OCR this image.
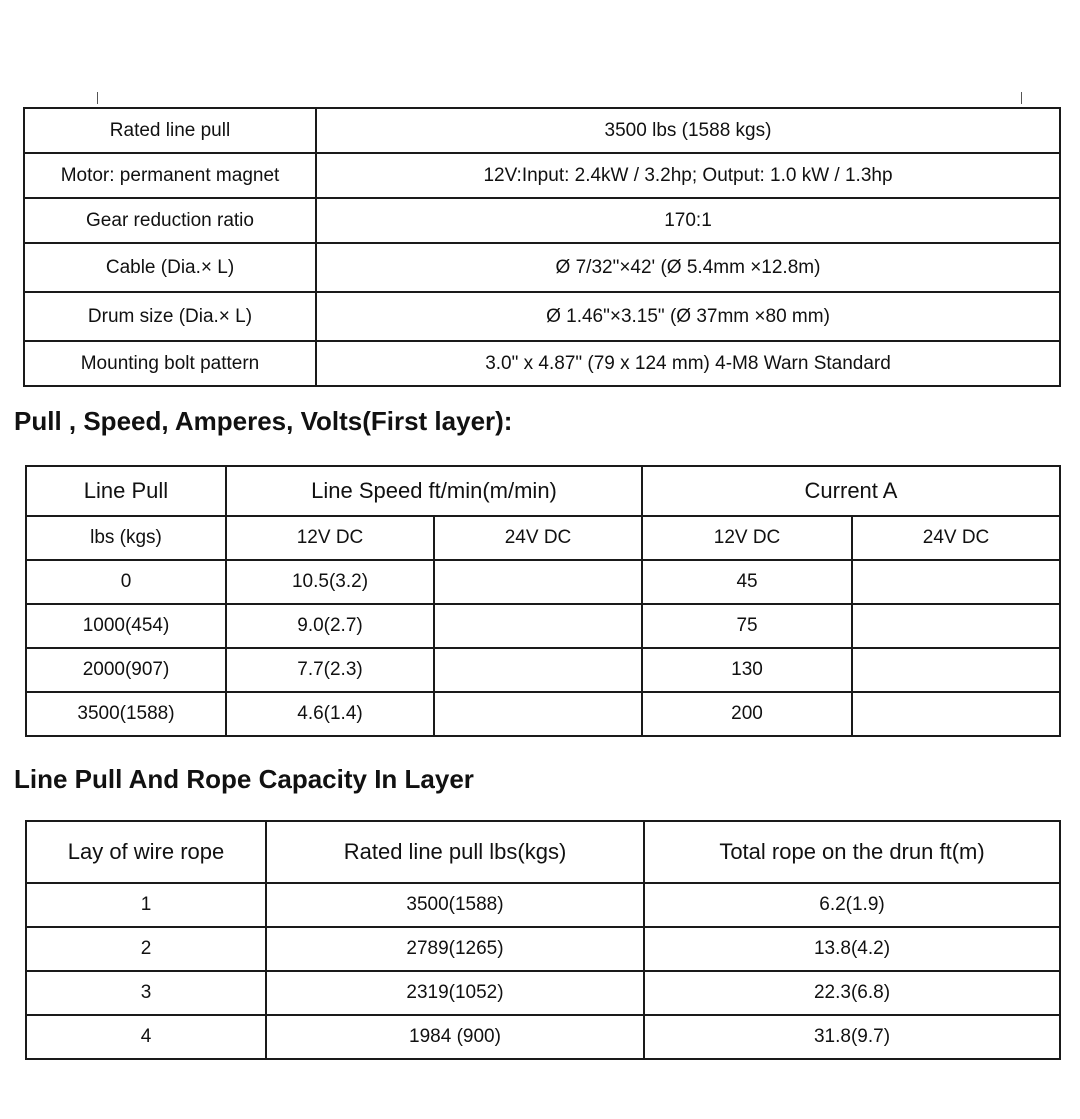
Rated line pull	3500 lbs (1588 kgs)
Motor: permanent magnet	12V:Input: 2.4kW / 3.2hp; Output: 1.0 kW / 1.3hp
Gear reduction ratio	170:1
Cable (Dia.× L)	Ø 7/32"×42' (Ø 5.4mm ×12.8m)
Drum size (Dia.× L)	Ø 1.46"×3.15" (Ø 37mm ×80 mm)
Mounting bolt pattern	3.0" x 4.87" (79 x 124 mm) 4-M8 Warn Standard
Pull , Speed, Amperes, Volts(First layer):
Line Pull	Line Speed ft/min(m/min)		Current A	
lbs (kgs)	12V DC	24V DC	12V DC	24V DC
0	10.5(3.2)		45	
1000(454)	9.0(2.7)		75	
2000(907)	7.7(2.3)		130	
3500(1588)	4.6(1.4)		200	
Line Pull And Rope Capacity In Layer
Lay of wire rope	Rated line pull lbs(kgs)	Total rope on the drun ft(m)
1	3500(1588)	6.2(1.9)
2	2789(1265)	13.8(4.2)
3	2319(1052)	22.3(6.8)
4	1984 (900)	31.8(9.7)
